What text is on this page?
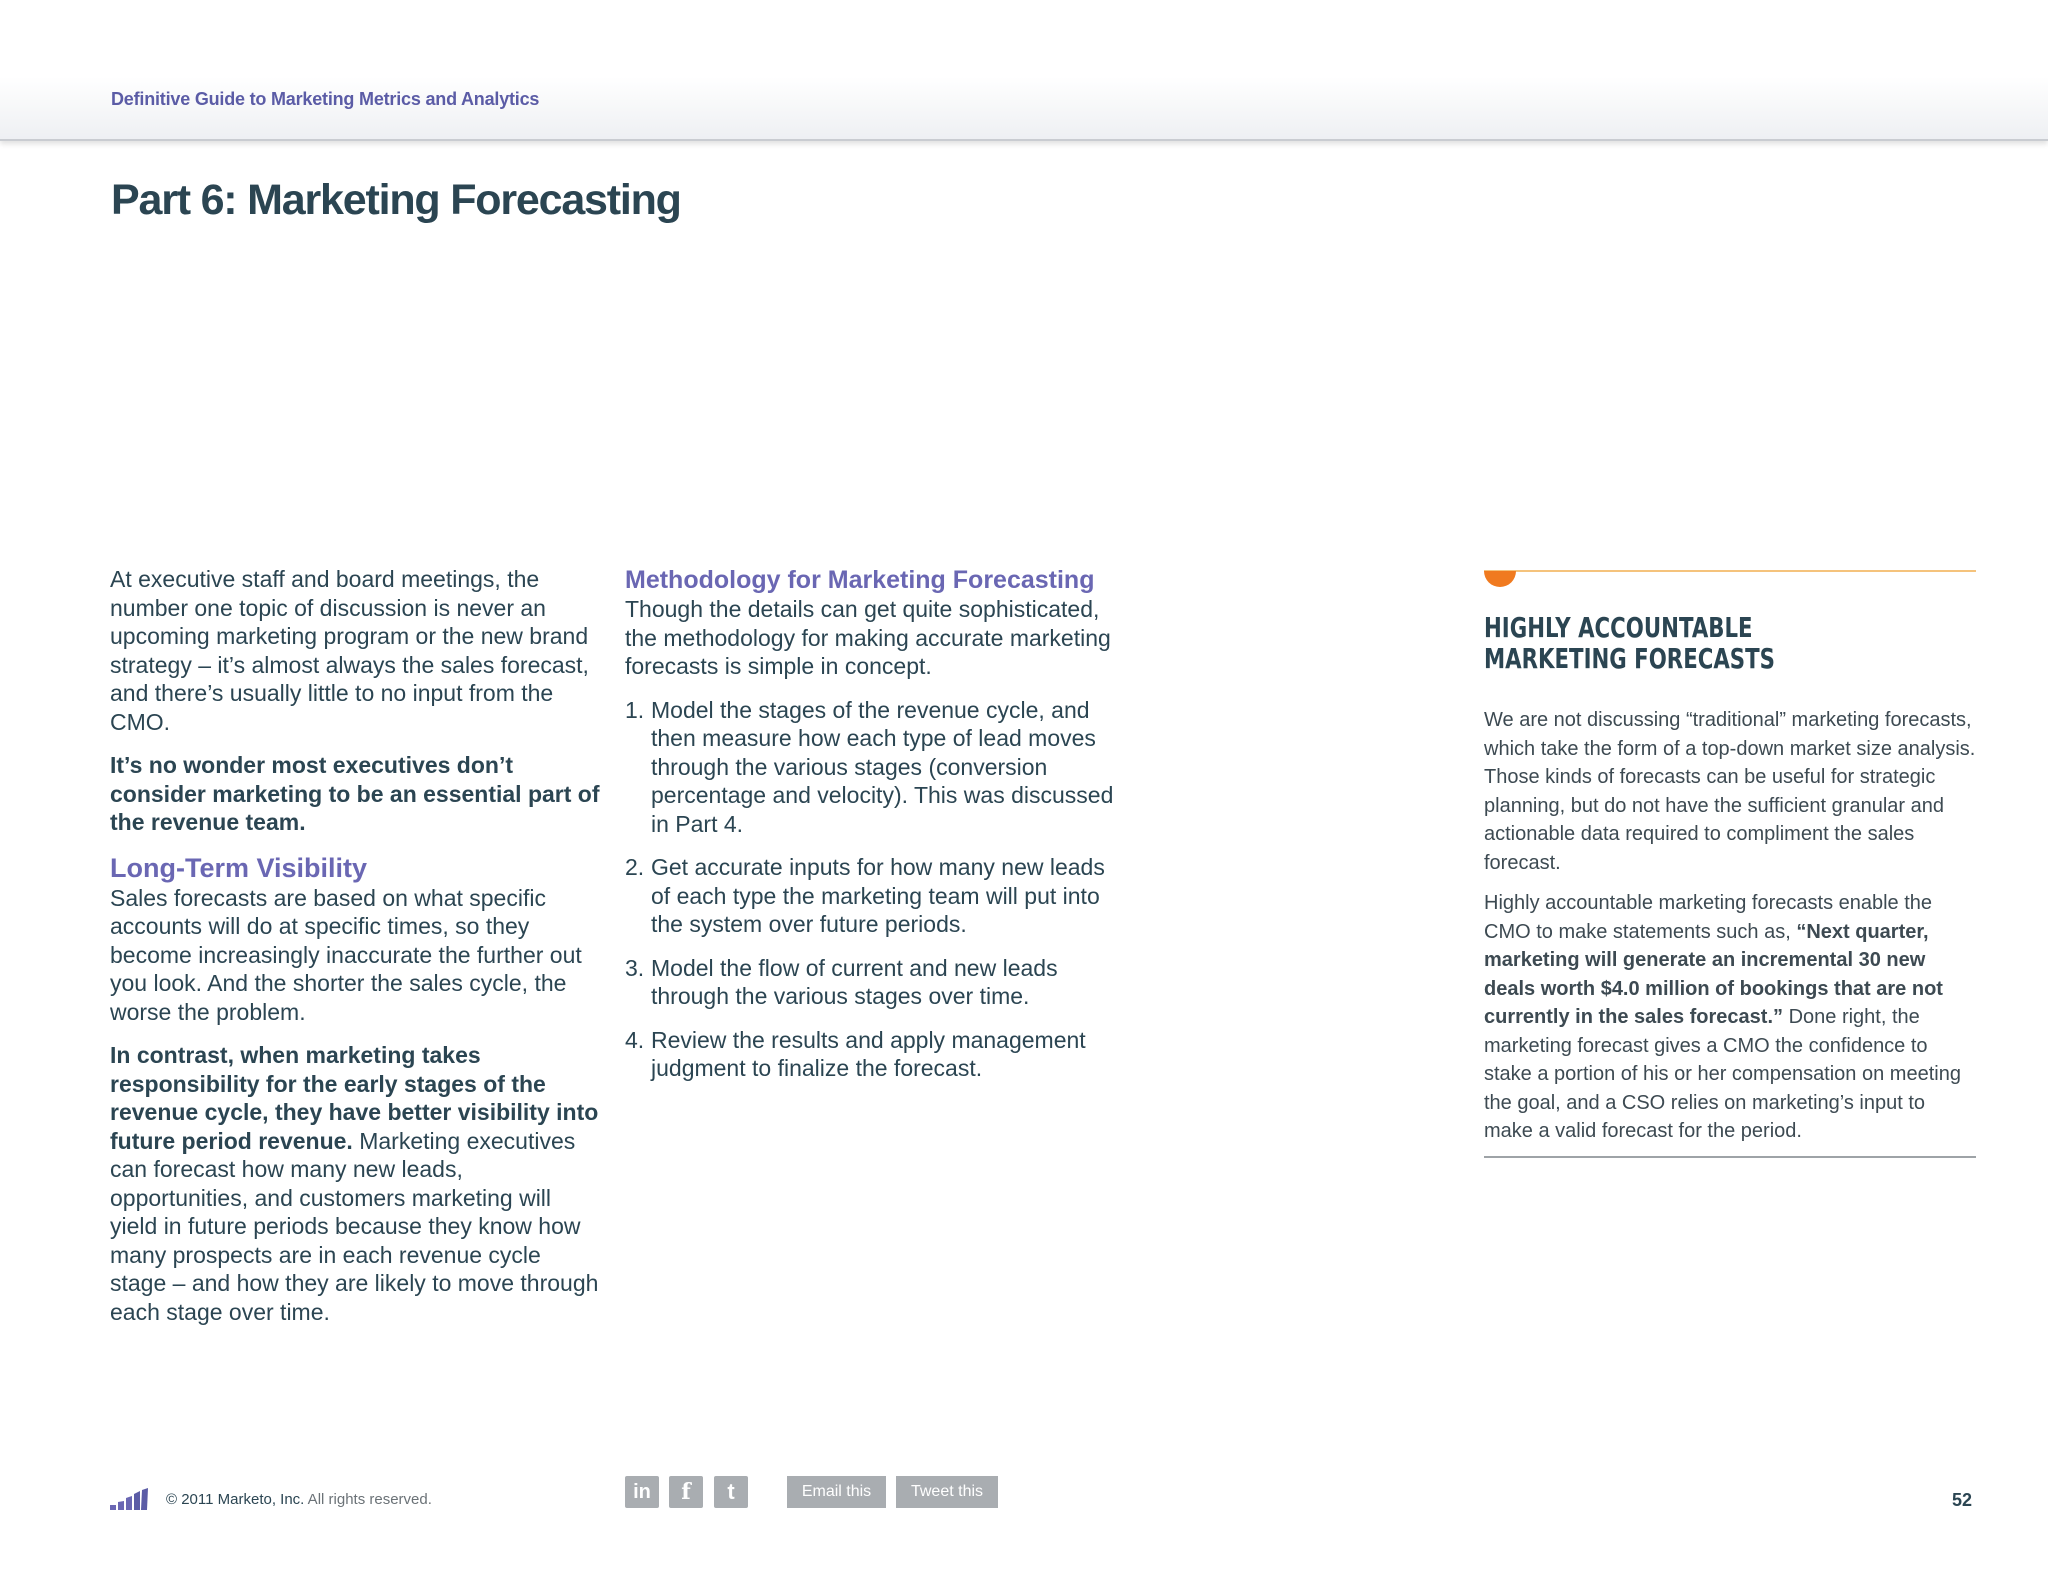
Definitive Guide to Marketing Metrics and Analytics
Part 6: Marketing Forecasting

At executive staff and board meetings, the number one topic of discussion is never an upcoming marketing program or the new brand strategy – it’s almost always the sales forecast, and there’s usually little to no input from the CMO.

It’s no wonder most executives don’t consider marketing to be an essential part of the revenue team.

Long-Term Visibility

Sales forecasts are based on what specific accounts will do at specific times, so they become increasingly inaccurate the further out you look. And the shorter the sales cycle, the worse the problem.

In contrast, when marketing takes responsibility for the early stages of the revenue cycle, they have better visibility into future period revenue. Marketing executives can forecast how many new leads, opportunities, and customers marketing will yield in future periods because they know how many prospects are in each revenue cycle stage – and how they are likely to move through each stage over time.

Methodology for Marketing Forecasting

Though the details can get quite sophisticated, the methodology for making accurate marketing forecasts is simple in concept.

1. Model the stages of the revenue cycle, and then measure how each type of lead moves through the various stages (conversion percentage and velocity). This was discussed in Part 4.
2. Get accurate inputs for how many new leads of each type the marketing team will put into the system over future periods.
3. Model the flow of current and new leads through the various stages over time.
4. Review the results and apply management judgment to finalize the forecast.
HIGHLY ACCOUNTABLE MARKETING FORECASTS

We are not discussing “traditional” marketing forecasts, which take the form of a top-down market size analysis. Those kinds of forecasts can be useful for strategic planning, but do not have the sufficient granular and actionable data required to compliment the sales forecast.

Highly accountable marketing forecasts enable the CMO to make statements such as, “Next quarter, marketing will generate an incremental 30 new deals worth $4.0 million of bookings that are not currently in the sales forecast.” Done right, the marketing forecast gives a CMO the confidence to stake a portion of his or her compensation on meeting the goal, and a CSO relies on marketing’s input to make a valid forecast for the period.

© 2011 Marketo, Inc. All rights reserved.	in	f	t	Email this	Tweet this	52
